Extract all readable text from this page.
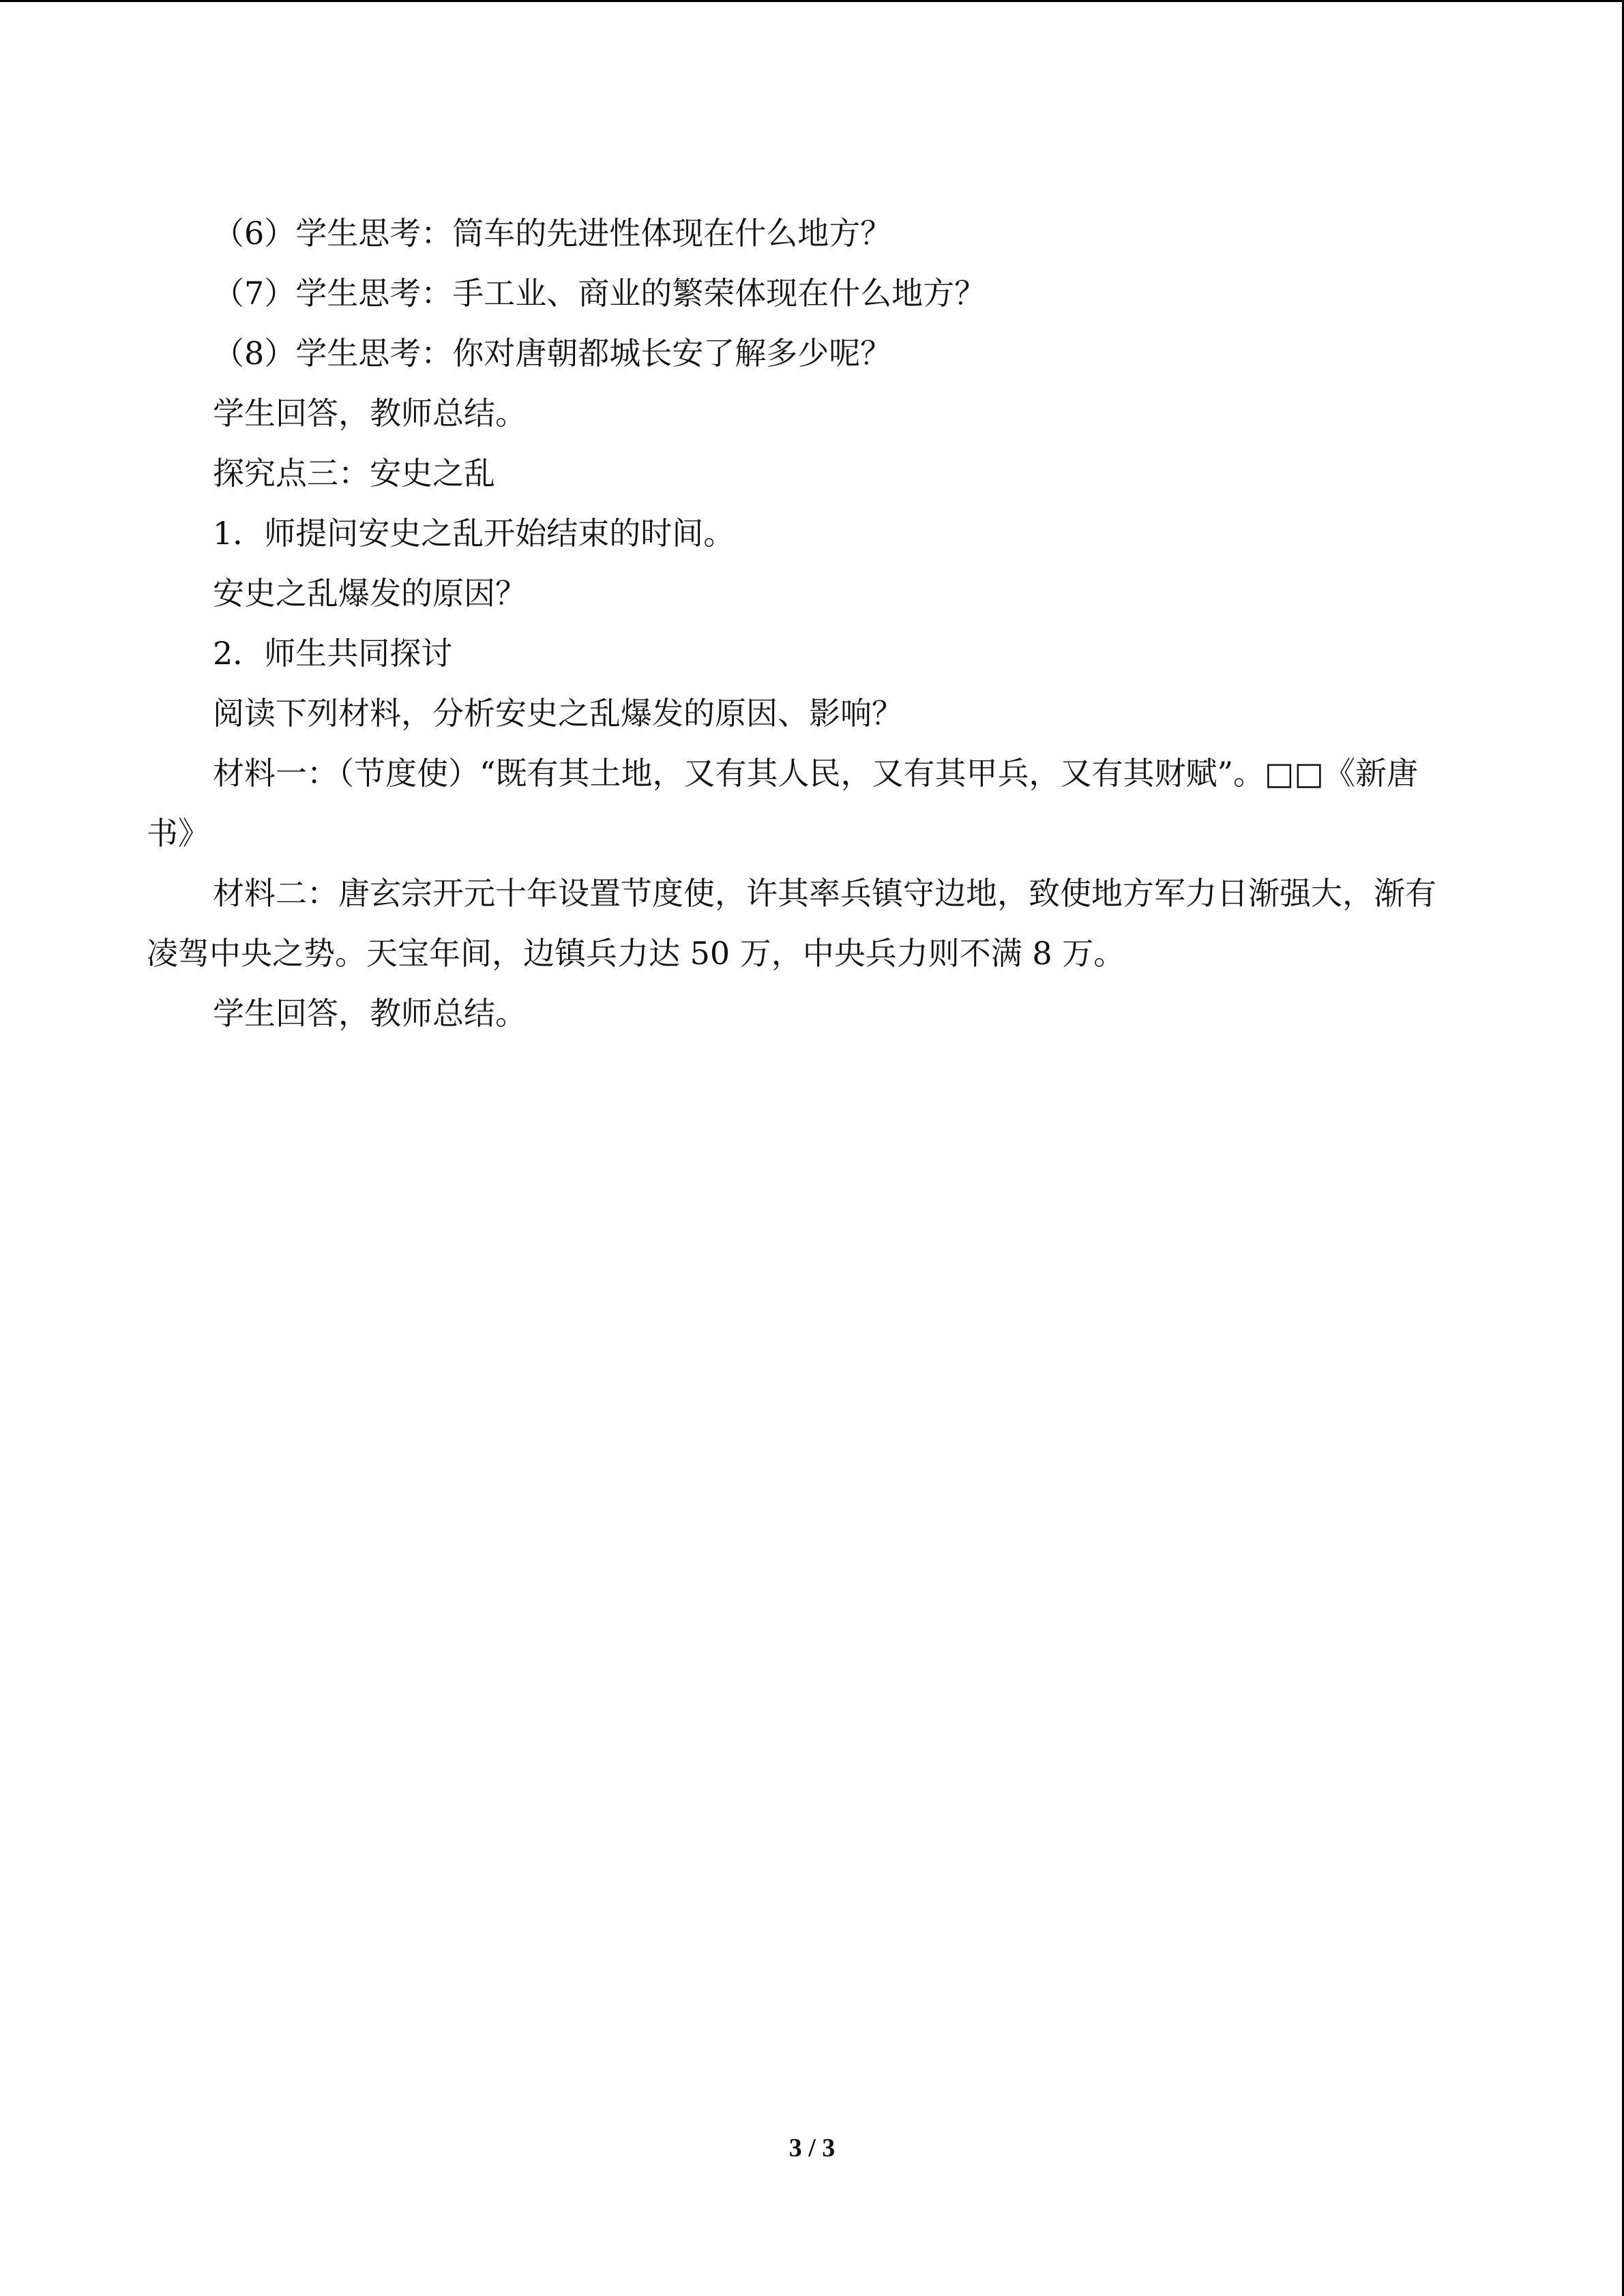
（6）学生思考：筒车的先进性体现在什么地方？

（7）学生思考：手工业、商业的繁荣体现在什么地方？

（8）学生思考：你对唐朝都城长安了解多少呢？

学生回答，教师总结。

探究点三：安史之乱

1．师提问安史之乱开始结束的时间。

安史之乱爆发的原因？

2．师生共同探讨

阅读下列材料，分析安史之乱爆发的原因、影响？

材料一：（节度使）“既有其土地，又有其人民，又有其甲兵，又有其财赋”。□□《新唐书》

材料二：唐玄宗开元十年设置节度使，许其率兵镇守边地，致使地方军力日渐强大，渐有凌驾中央之势。天宝年间，边镇兵力达 50 万，中央兵力则不满 8 万。

学生回答，教师总结。

3 / 3
